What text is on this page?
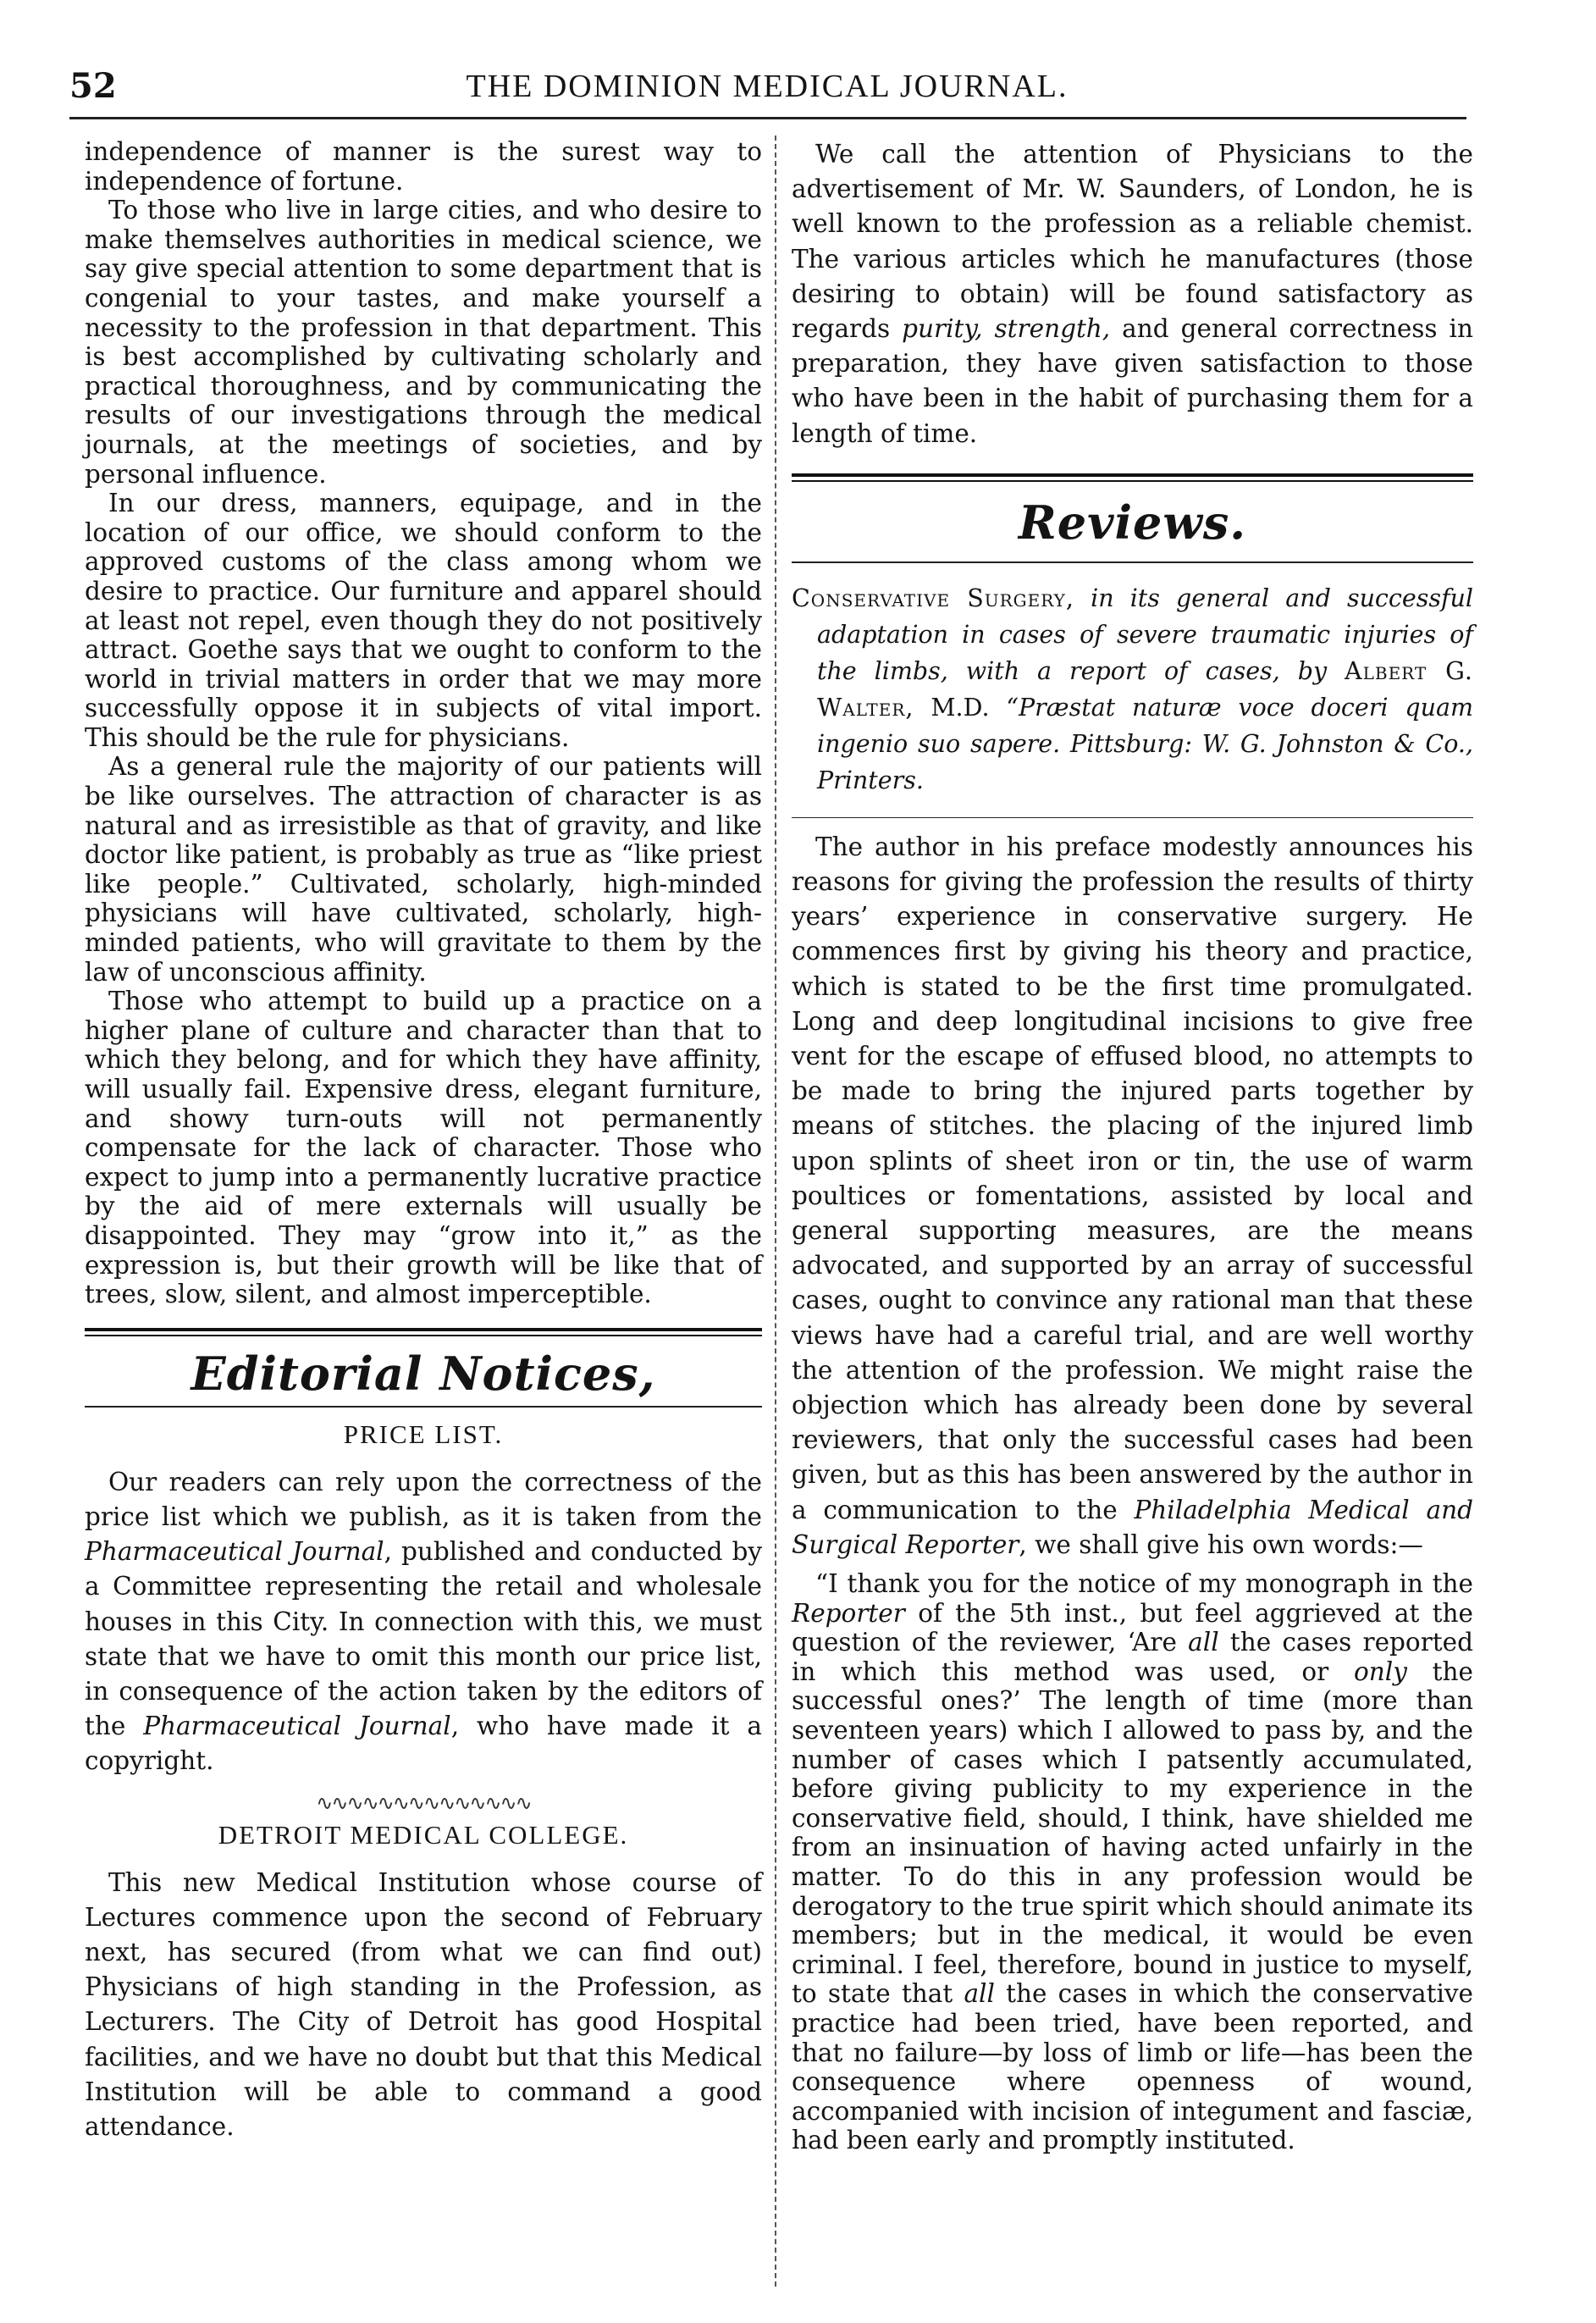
52	THE DOMINION MEDICAL JOURNAL.

independence of manner is the surest way to independence of fortune.

To those who live in large cities, and who desire to make themselves authorities in medical science, we say give special attention to some department that is congenial to your tastes, and make yourself a necessity to the profession in that department. This is best accomplished by cultivating scholarly and practical thoroughness, and by communicating the results of our investigations through the medical journals, at the meetings of societies, and by personal influence.

In our dress, manners, equipage, and in the location of our office, we should conform to the approved customs of the class among whom we desire to practice. Our furniture and apparel should at least not repel, even though they do not positively attract. Goethe says that we ought to conform to the world in trivial matters in order that we may more successfully oppose it in subjects of vital import. This should be the rule for physicians.

As a general rule the majority of our patients will be like ourselves. The attraction of character is as natural and as irresistible as that of gravity, and like doctor like patient, is probably as true as “like priest like people.” Cultivated, scholarly, high-minded physicians will have cultivated, scholarly, high-minded patients, who will gravitate to them by the law of unconscious affinity.

Those who attempt to build up a practice on a higher plane of culture and character than that to which they belong, and for which they have affinity, will usually fail. Expensive dress, elegant furniture, and showy turn-outs will not permanently compensate for the lack of character. Those who expect to jump into a permanently lucrative practice by the aid of mere externals will usually be disappointed. They may “grow into it,” as the expression is, but their growth will be like that of trees, slow, silent, and almost imperceptible.

Editorial Notices,
PRICE LIST.

Our readers can rely upon the correctness of the price list which we publish, as it is taken from the Pharmaceutical Journal, published and conducted by a Committee representing the retail and wholesale houses in this City. In connection with this, we must state that we have to omit this month our price list, in consequence of the action taken by the editors of the Pharmaceutical Journal, who have made it a copyright.

∿∿∿∿∿∿∿∿∿∿∿∿∿∿
DETROIT MEDICAL COLLEGE.

This new Medical Institution whose course of Lectures commence upon the second of February next, has secured (from what we can find out) Physicians of high standing in the Profession, as Lecturers. The City of Detroit has good Hospital facilities, and we have no doubt but that this Medical Institution will be able to command a good attendance.

We call the attention of Physicians to the advertisement of Mr. W. Saunders, of London, he is well known to the profession as a reliable chemist. The various articles which he manufactures (those desiring to obtain) will be found satisfactory as regards purity, strength, and general correctness in preparation, they have given satisfaction to those who have been in the habit of purchasing them for a length of time.

Reviews.

Conservative Surgery, in its general and successful adaptation in cases of severe traumatic injuries of the limbs, with a report of cases, by Albert G. Walter, M.D. “Præstat naturæ voce doceri quam ingenio suo sapere. Pittsburg: W. G. Johnston & Co., Printers.

The author in his preface modestly announces his reasons for giving the profession the results of thirty years’ experience in conservative surgery. He commences first by giving his theory and practice, which is stated to be the first time promulgated. Long and deep longitudinal incisions to give free vent for the escape of effused blood, no attempts to be made to bring the injured parts together by means of stitches. the placing of the injured limb upon splints of sheet iron or tin, the use of warm poultices or fomentations, assisted by local and general supporting measures, are the means advocated, and supported by an array of successful cases, ought to convince any rational man that these views have had a careful trial, and are well worthy the attention of the profession. We might raise the objection which has already been done by several reviewers, that only the successful cases had been given, but as this has been answered by the author in a communication to the Philadelphia Medical and Surgical Reporter, we shall give his own words:—

“I thank you for the notice of my monograph in the Reporter of the 5th inst., but feel aggrieved at the question of the reviewer, ‘Are all the cases reported in which this method was used, or only the successful ones?’ The length of time (more than seventeen years) which I allowed to pass by, and the number of cases which I patsently accumulated, before giving publicity to my experience in the conservative field, should, I think, have shielded me from an insinuation of having acted unfairly in the matter. To do this in any profession would be derogatory to the true spirit which should animate its members; but in the medical, it would be even criminal. I feel, therefore, bound in justice to myself, to state that all the cases in which the conservative practice had been tried, have been reported, and that no failure—by loss of limb or life—has been the consequence where openness of wound, accompanied with incision of integument and fasciæ, had been early and promptly instituted.
